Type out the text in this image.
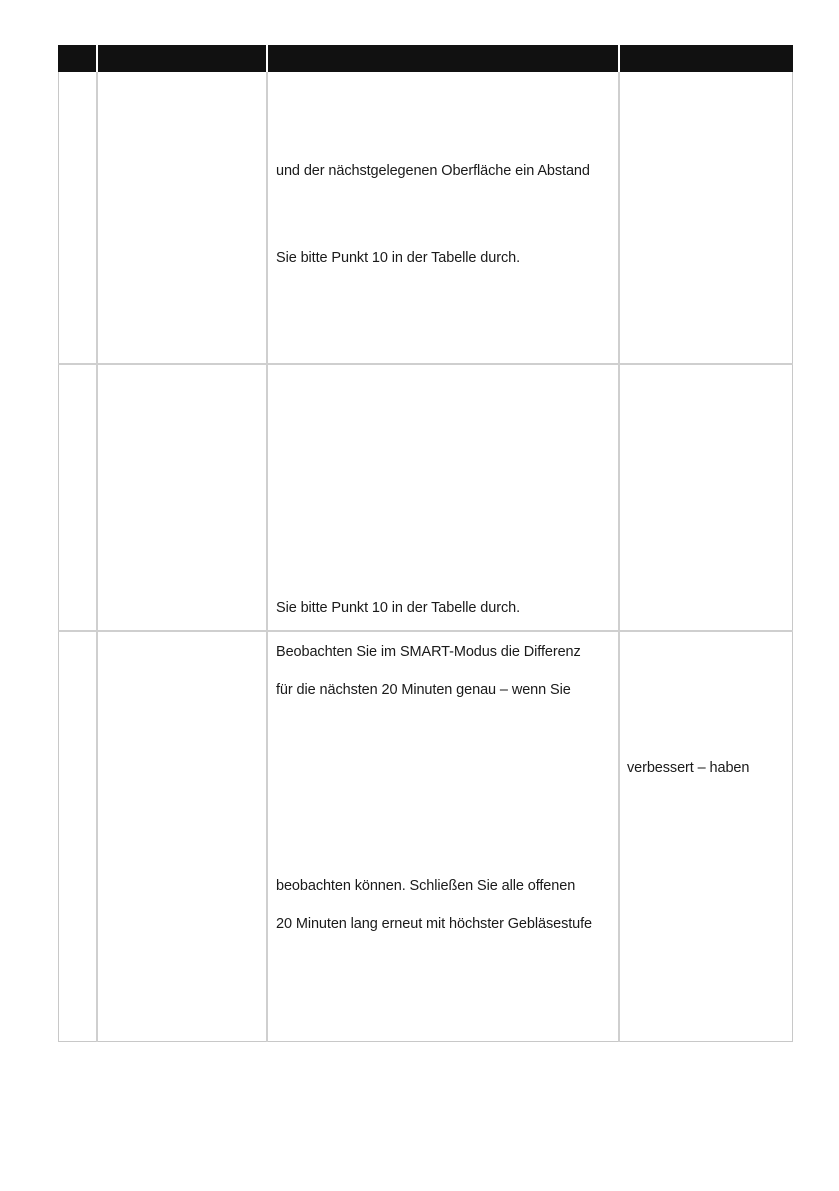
und der nächstgelegenen Oberfläche ein Abstand
Sie bitte Punkt 10 in der Tabelle durch.
Sie bitte Punkt 10 in der Tabelle durch.
Beobachten Sie im SMART-Modus die Differenz
für die nächsten 20 Minuten genau – wenn Sie
beobachten können. Schließen Sie alle offenen
20 Minuten lang erneut mit höchster Gebläsestufe
verbessert – haben
